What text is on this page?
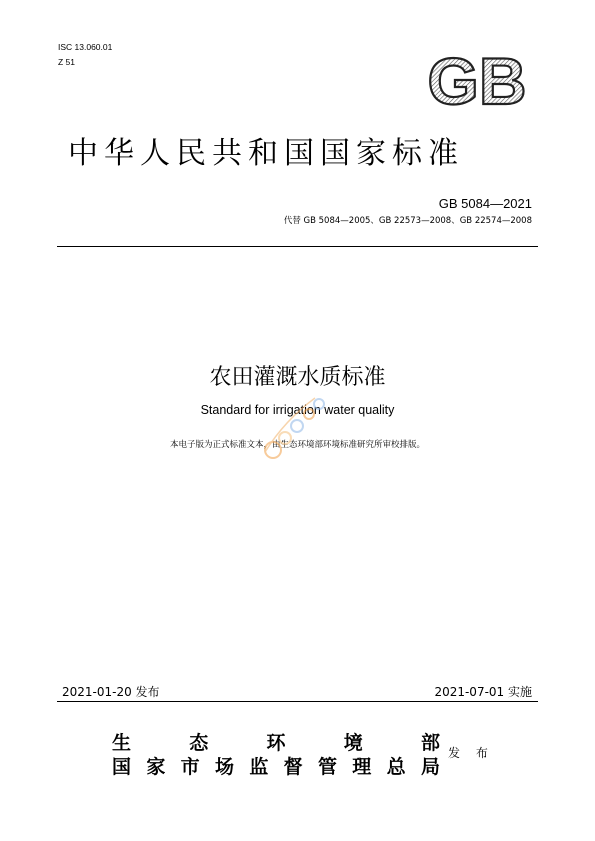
ISC 13.060.01
Z 51	GB
中华人民共和国国家标准
GB 5084—2021
代替 GB 5084—2005、GB 22573—2008、GB 22574—2008
农田灌溉水质标准
Standard for irrigation water quality
本电子版为正式标准文本，由生态环境部环境标准研究所审校排版。
2021-01-20 发布	2021-07-01 实施
生	态	环	境	部
国 家 市 场 监 督 管 理 总 局
发 布
